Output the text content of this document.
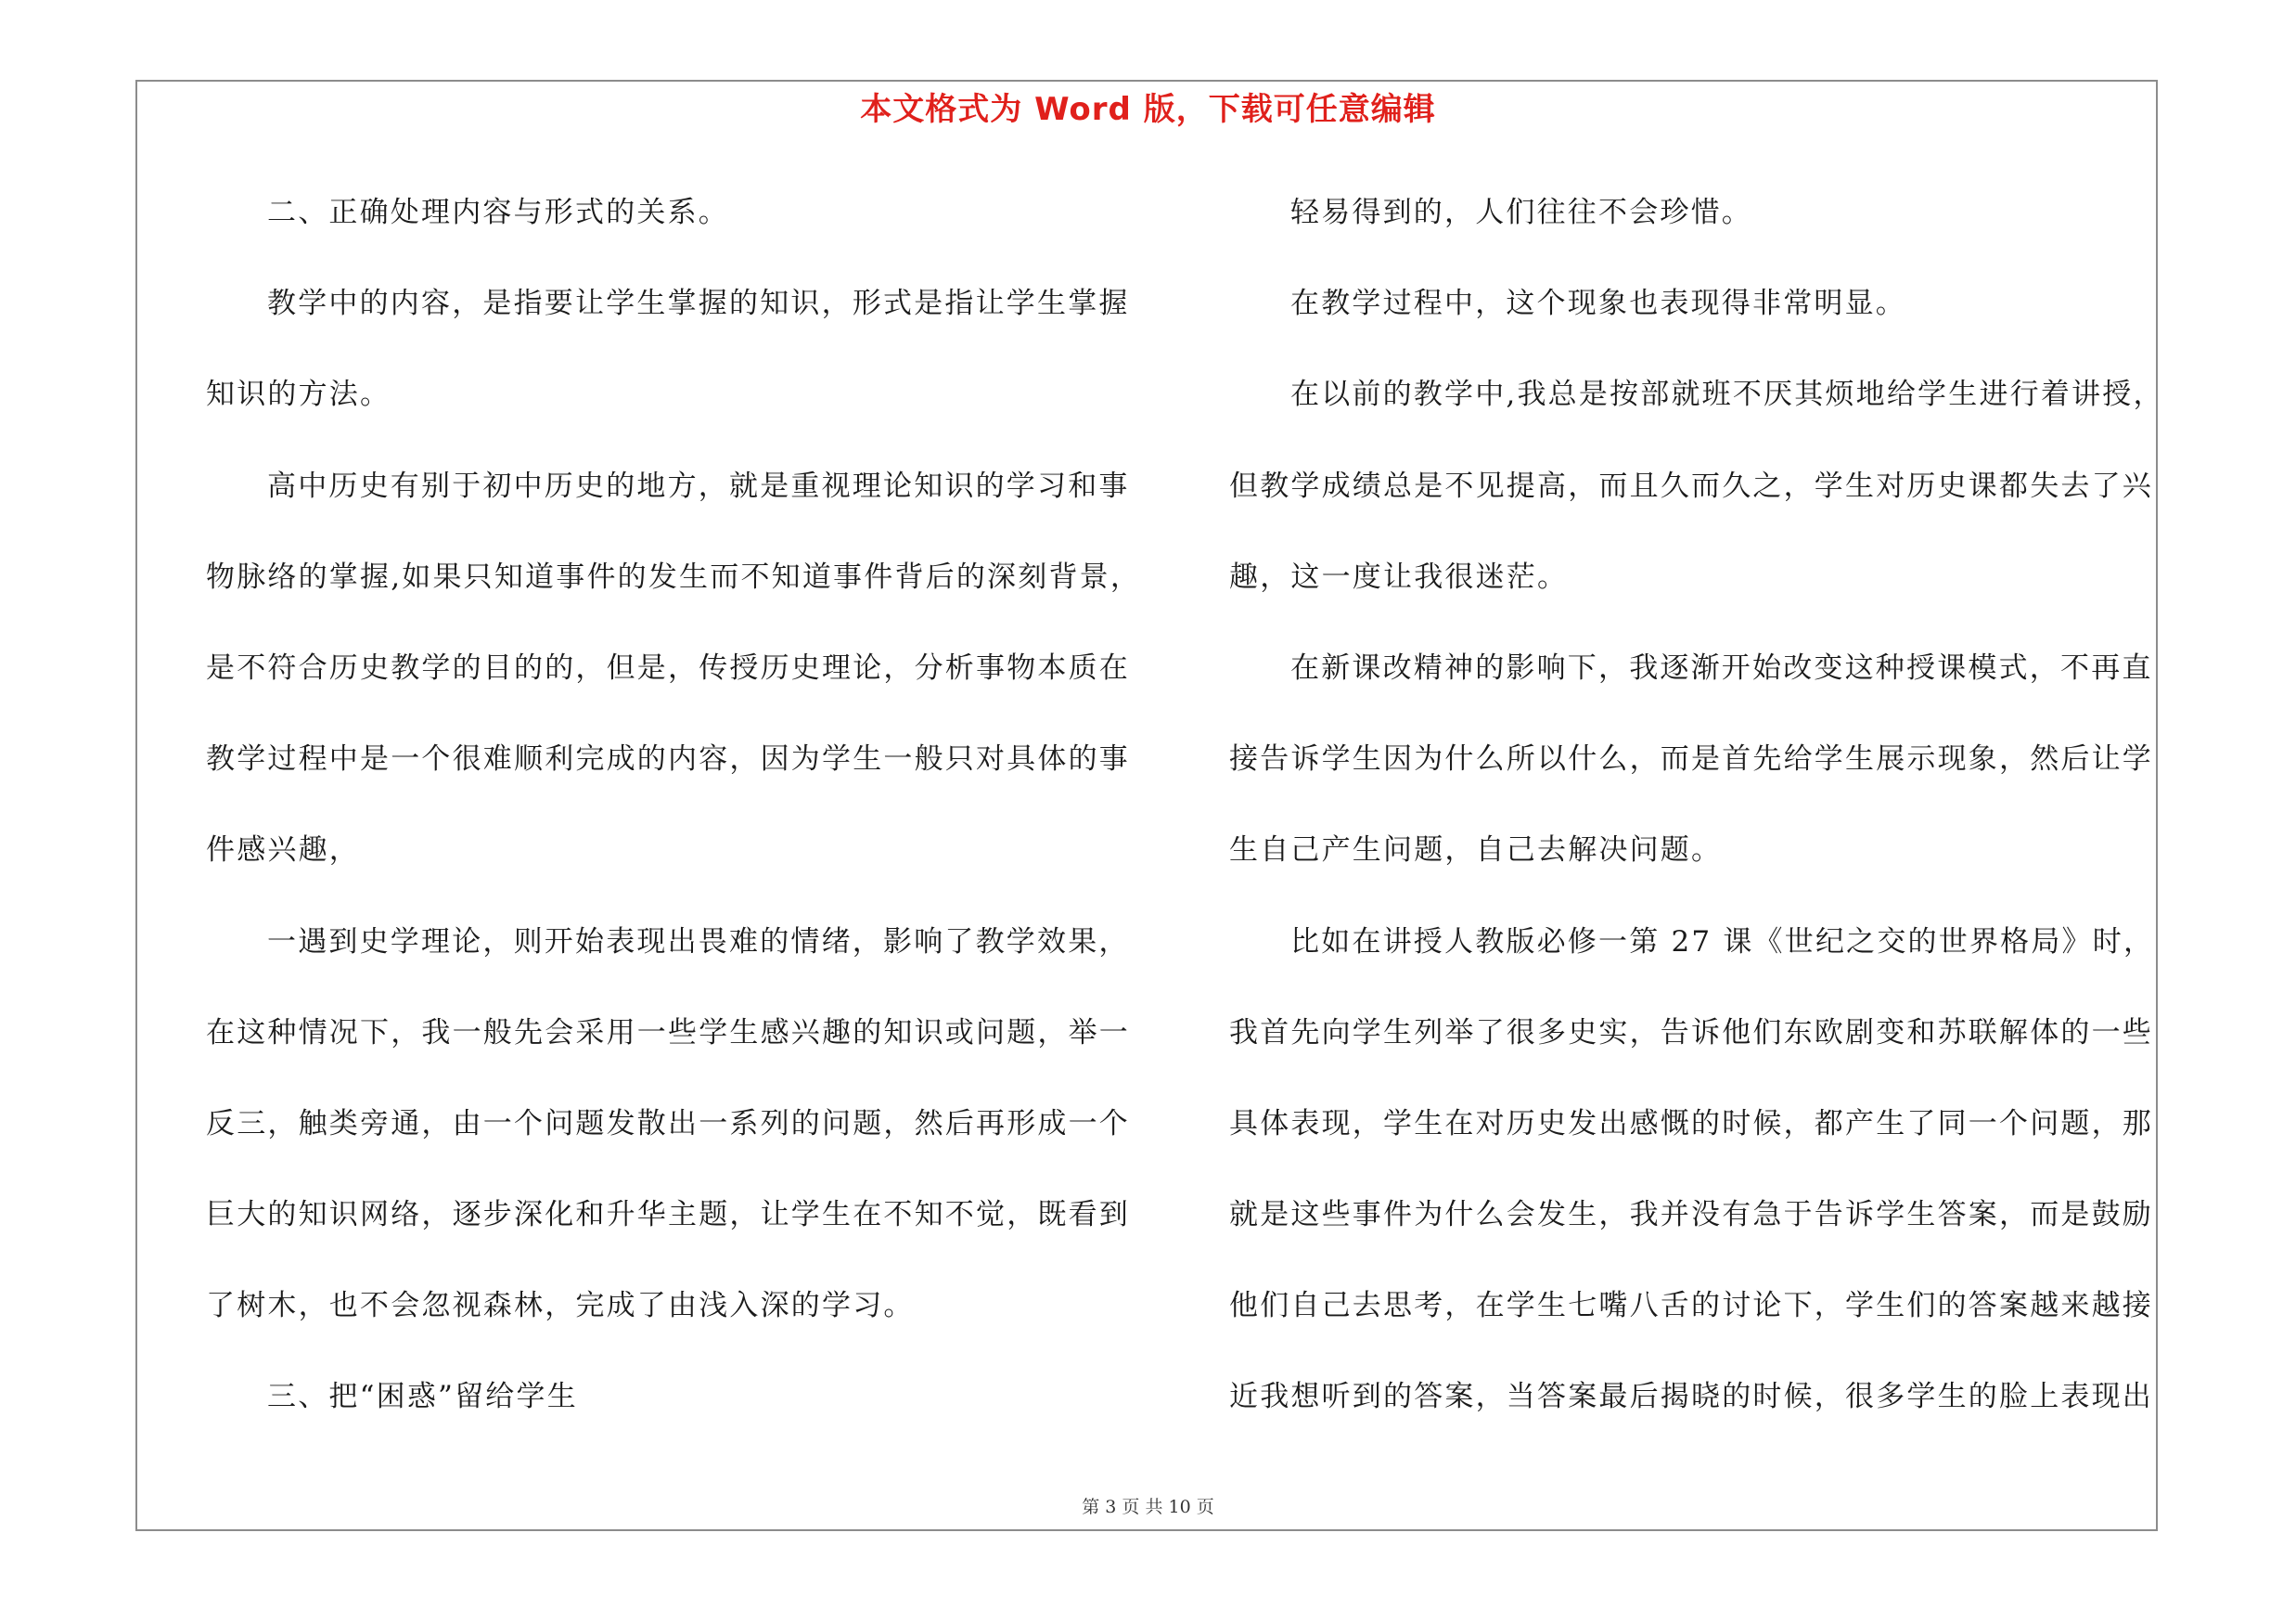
本文格式为 Word 版，下载可任意编辑
二、正确处理内容与形式的关系。
教学中的内容，是指要让学生掌握的知识，形式是指让学生掌握
知识的方法。
高中历史有别于初中历史的地方，就是重视理论知识的学习和事
物脉络的掌握,如果只知道事件的发生而不知道事件背后的深刻背景，
是不符合历史教学的目的的，但是，传授历史理论，分析事物本质在
教学过程中是一个很难顺利完成的内容，因为学生一般只对具体的事
件感兴趣，
一遇到史学理论，则开始表现出畏难的情绪，影响了教学效果，
在这种情况下，我一般先会采用一些学生感兴趣的知识或问题，举一
反三，触类旁通，由一个问题发散出一系列的问题，然后再形成一个
巨大的知识网络，逐步深化和升华主题，让学生在不知不觉，既看到
了树木，也不会忽视森林，完成了由浅入深的学习。
三、把“困惑”留给学生
轻易得到的，人们往往不会珍惜。
在教学过程中，这个现象也表现得非常明显。
在以前的教学中,我总是按部就班不厌其烦地给学生进行着讲授，
但教学成绩总是不见提高，而且久而久之，学生对历史课都失去了兴
趣，这一度让我很迷茫。
在新课改精神的影响下，我逐渐开始改变这种授课模式，不再直
接告诉学生因为什么所以什么，而是首先给学生展示现象，然后让学
生自己产生问题，自己去解决问题。
比如在讲授人教版必修一第 27 课《世纪之交的世界格局》时，
我首先向学生列举了很多史实，告诉他们东欧剧变和苏联解体的一些
具体表现，学生在对历史发出感慨的时候，都产生了同一个问题，那
就是这些事件为什么会发生，我并没有急于告诉学生答案，而是鼓励
他们自己去思考，在学生七嘴八舌的讨论下，学生们的答案越来越接
近我想听到的答案，当答案最后揭晓的时候，很多学生的脸上表现出
第 3 页 共 10 页
